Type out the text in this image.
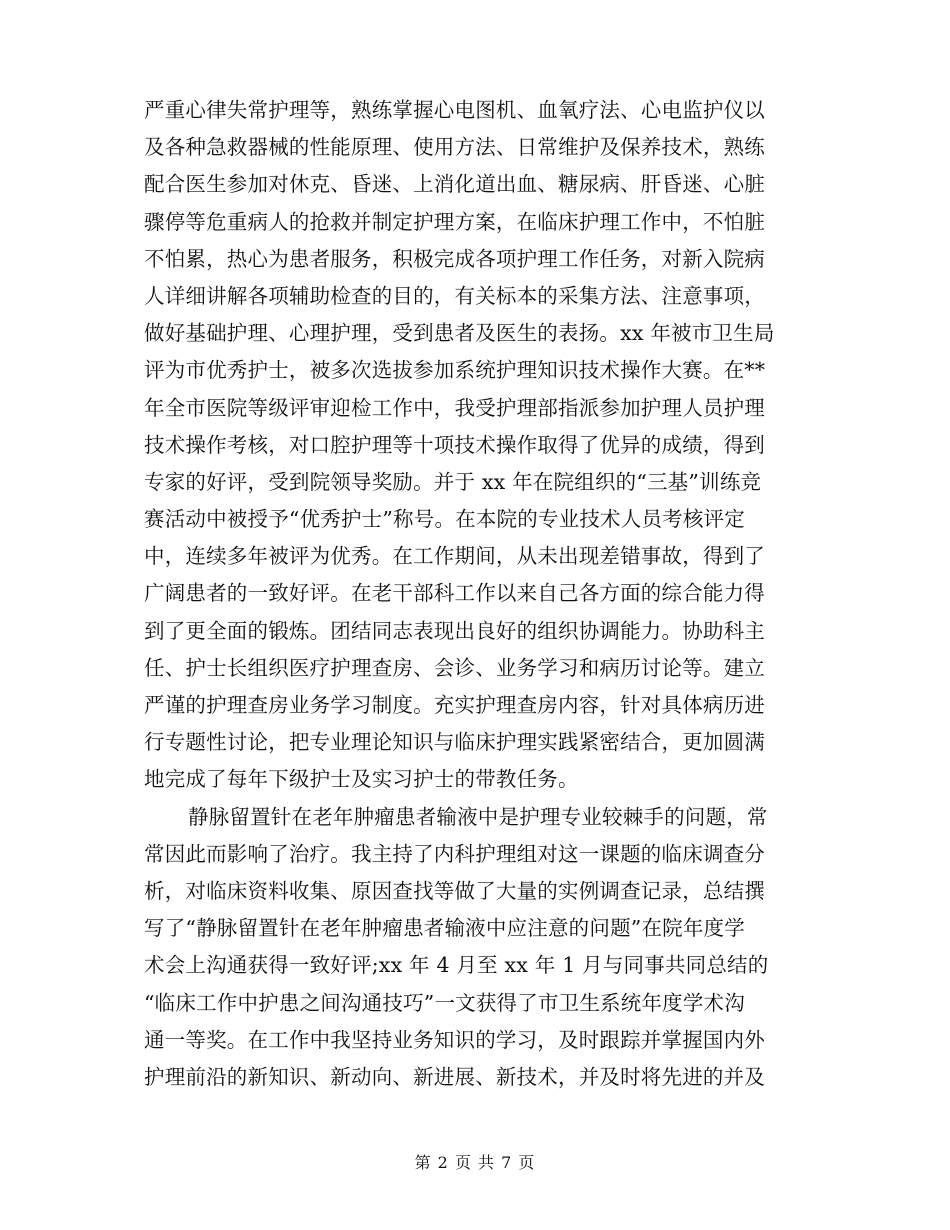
严重心律失常护理等，熟练掌握心电图机、血氧疗法、心电监护仪以
及各种急救器械的性能原理、使用方法、日常维护及保养技术，熟练
配合医生参加对休克、昏迷、上消化道出血、糖尿病、肝昏迷、心脏
骤停等危重病人的抢救并制定护理方案，在临床护理工作中，不怕脏
不怕累，热心为患者服务，积极完成各项护理工作任务，对新入院病
人详细讲解各项辅助检查的目的，有关标本的采集方法、注意事项，
做好基础护理、心理护理，受到患者及医生的表扬。xx 年被市卫生局
评为市优秀护士，被多次选拔参加系统护理知识技术操作大赛。在**
年全市医院等级评审迎检工作中，我受护理部指派参加护理人员护理
技术操作考核，对口腔护理等十项技术操作取得了优异的成绩，得到
专家的好评，受到院领导奖励。并于 xx 年在院组织的“三基”训练竞
赛活动中被授予“优秀护士”称号。在本院的专业技术人员考核评定
中，连续多年被评为优秀。在工作期间，从未出现差错事故，得到了
广阔患者的一致好评。在老干部科工作以来自己各方面的综合能力得
到了更全面的锻炼。团结同志表现出良好的组织协调能力。协助科主
任、护士长组织医疗护理查房、会诊、业务学习和病历讨论等。建立
严谨的护理查房业务学习制度。充实护理查房内容，针对具体病历进
行专题性讨论，把专业理论知识与临床护理实践紧密结合，更加圆满
地完成了每年下级护士及实习护士的带教任务。
静脉留置针在老年肿瘤患者输液中是护理专业较棘手的问题，常
常因此而影响了治疗。我主持了内科护理组对这一课题的临床调查分
析，对临床资料收集、原因查找等做了大量的实例调查记录，总结撰
写了“静脉留置针在老年肿瘤患者输液中应注意的问题”在院年度学
术会上沟通获得一致好评;xx 年 4 月至 xx 年 1 月与同事共同总结的
“临床工作中护患之间沟通技巧”一文获得了市卫生系统年度学术沟
通一等奖。在工作中我坚持业务知识的学习，及时跟踪并掌握国内外
护理前沿的新知识、新动向、新进展、新技术，并及时将先进的并及
第 2 页 共 7 页
